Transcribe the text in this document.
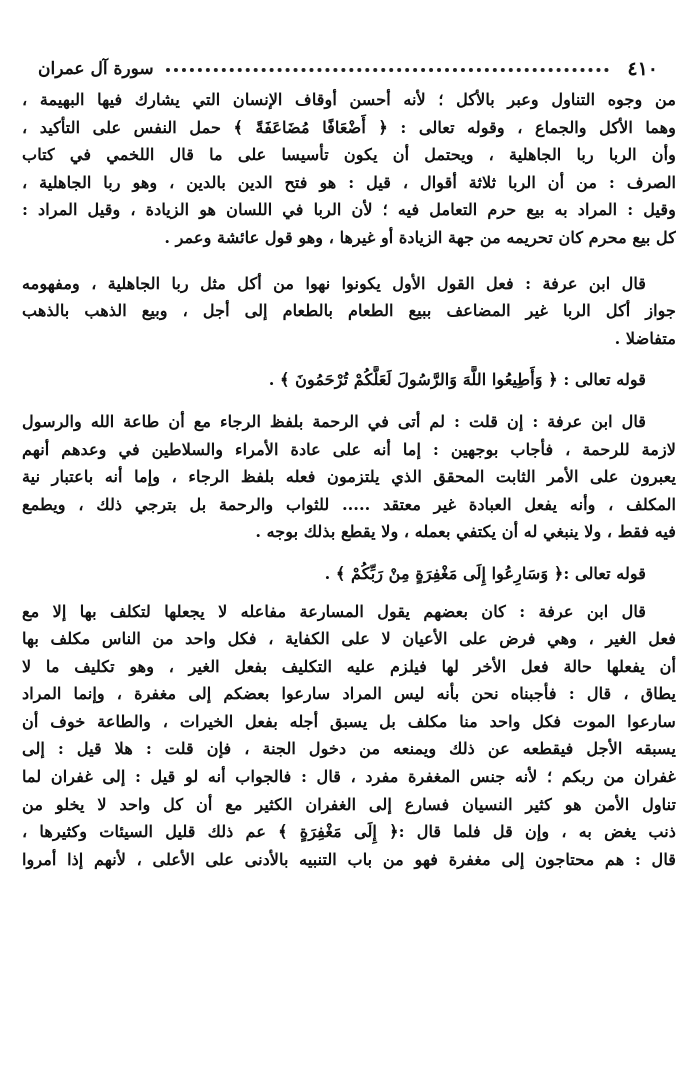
٤١٠
سورة آل عمران
من وجوه التناول وعبر بالأكل ؛ لأنه أحسن أوقاف الإنسان التي يشارك فيها البهيمة ،
وهما الأكل والجماع ، وقوله تعالى : ﴿ أَضْعَافًا مُضَاعَفَةً ﴾ حمل النفس على التأكيد ،
وأن الربا ربا الجاهلية ، ويحتمل أن يكون تأسيسا على ما قال اللخمي في كتاب
الصرف : من أن الربا ثلاثة أقوال ، قيل : هو فتح الدين بالدين ، وهو ربا الجاهلية ،
وقيل : المراد به بيع حرم التعامل فيه ؛ لأن الربا في اللسان هو الزيادة ، وقيل المراد :
كل بيع محرم كان تحريمه من جهة الزيادة أو غيرها ، وهو قول عائشة وعمر .
قال ابن عرفة : فعل القول الأول يكونوا نهوا من أكل مثل ربا الجاهلية ، ومفهومه
جواز أكل الربا غير المضاعف ببيع الطعام بالطعام إلى أجل ، وبيع الذهب بالذهب
متفاضلا .
قوله تعالى : ﴿ وَأَطِيعُوا اللَّهَ وَالرَّسُولَ لَعَلَّكُمْ تُرْحَمُونَ ﴾ .
قال ابن عرفة : إن قلت : لم أتى في الرحمة بلفظ الرجاء مع أن طاعة الله والرسول
لازمة للرحمة ، فأجاب بوجهين : إما أنه على عادة الأمراء والسلاطين في وعدهم أنهم
يعبرون على الأمر الثابت المحقق الذي يلتزمون فعله بلفظ الرجاء ، وإما أنه باعتبار نية
المكلف ، وأنه يفعل العبادة غير معتقد ..... للثواب والرحمة بل بترجي ذلك ، ويطمع
فيه فقط ، ولا ينبغي له أن يكتفي بعمله ، ولا يقطع بذلك بوجه .
قوله تعالى :﴿ وَسَارِعُوا إِلَى مَغْفِرَةٍ مِنْ رَبِّكُمْ ﴾ .
قال ابن عرفة : كان بعضهم يقول المسارعة مفاعله لا يجعلها لتكلف بها إلا مع
فعل الغير ، وهي فرض على الأعيان لا على الكفاية ، فكل واحد من الناس مكلف بها
أن يفعلها حالة فعل الأخر لها فيلزم عليه التكليف بفعل الغير ، وهو تكليف ما لا
يطاق ، قال : فأجبناه نحن بأنه ليس المراد سارعوا بعضكم إلى مغفرة ، وإنما المراد
سارعوا الموت فكل واحد منا مكلف بل يسبق أجله بفعل الخيرات ، والطاعة خوف أن
يسبقه الأجل فيقطعه عن ذلك ويمنعه من دخول الجنة ، فإن قلت : هلا قيل : إلى
غفران من ربكم ؛ لأنه جنس المغفرة مفرد ، قال : فالجواب أنه لو قيل : إلى غفران لما
تناول الأمن هو كثير النسيان فسارع إلى الغفران الكثير مع أن كل واحد لا يخلو من
ذنب يغض به ، وإن قل فلما قال :﴿ إِلَى مَغْفِرَةٍ ﴾ عم ذلك قليل السيئات وكثيرها ،
قال : هم محتاجون إلى مغفرة فهو من باب التنبيه بالأدنى على الأعلى ، لأنهم إذا أمروا
